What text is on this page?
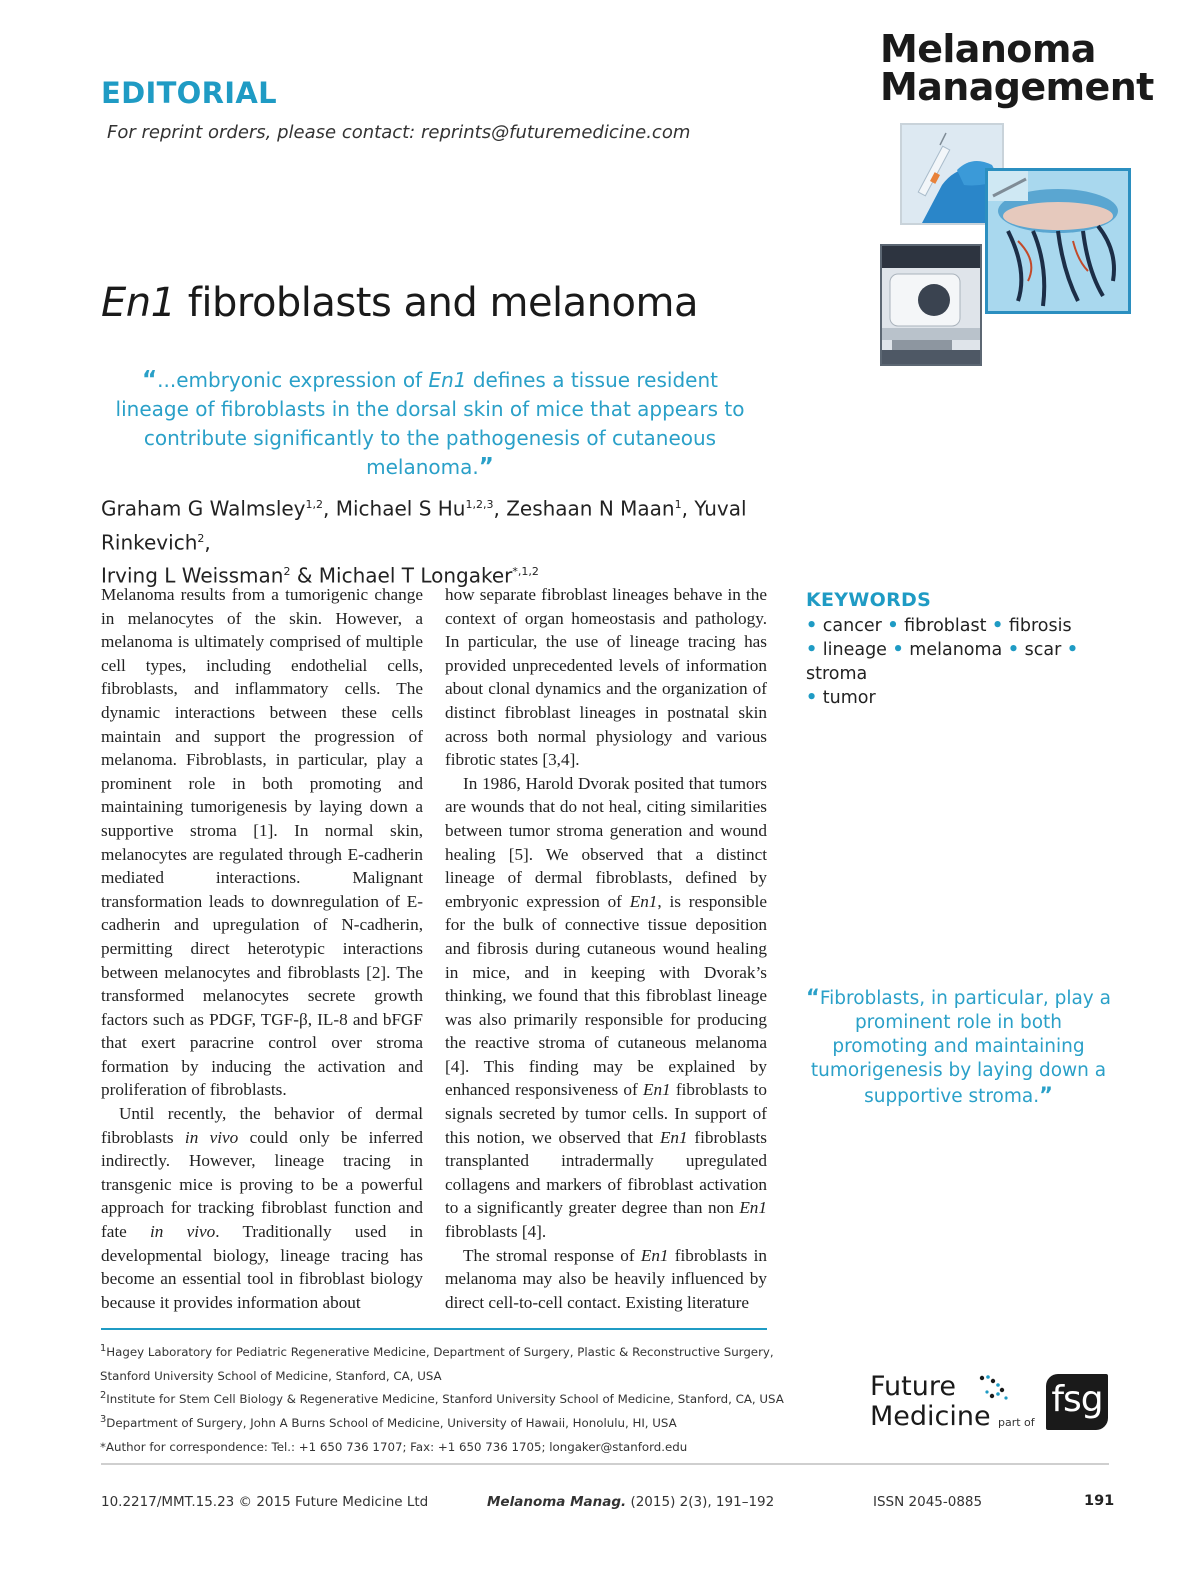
EDITORIAL
For reprint orders, please contact: reprints@futuremedicine.com
Melanoma
Management
En1 fibroblasts and melanoma
“...embryonic expression of En1 defines a tissue resident lineage of fibroblasts in the dorsal skin of mice that appears to contribute significantly to the pathogenesis of cutaneous melanoma.”
Graham G Walmsley$^{1,2}$, Michael S Hu$^{1,2,3}$, Zeshaan N Maan$^1$, Yuval Rinkevich$^2$,
Irving L Weissman$^2$ & Michael T Longaker$^{*,1,2}$

Melanoma results from a tumorigenic change in melanocytes of the skin. However, a melanoma is ultimately comprised of multiple cell types, including endothelial cells, fibroblasts, and inflammatory cells. The dynamic interactions between these cells maintain and support the progression of melanoma. Fibroblasts, in particular, play a prominent role in both promoting and maintaining tumorigenesis by laying down a supportive stroma [1]. In normal skin, melanocytes are regulated through E-cadherin mediated interactions. Malignant transformation leads to downregulation of E-cadherin and upregulation of N-cadherin, permitting direct heterotypic interactions between melanocytes and fibroblasts [2]. The transformed melanocytes secrete growth factors such as PDGF, TGF-β, IL-8 and bFGF that exert paracrine control over stroma formation by inducing the activation and proliferation of fibroblasts.

Until recently, the behavior of dermal fibroblasts in vivo could only be inferred indirectly. However, lineage tracing in transgenic mice is proving to be a powerful approach for tracking fibroblast function and fate in vivo. Traditionally used in developmental biology, lineage tracing has become an essential tool in fibroblast biology because it provides information about

how separate fibroblast lineages behave in the context of organ homeostasis and pathology. In particular, the use of lineage tracing has provided unprecedented levels of information about clonal dynamics and the organization of distinct fibroblast lineages in postnatal skin across both normal physiology and various fibrotic states [3,4].

In 1986, Harold Dvorak posited that tumors are wounds that do not heal, citing similarities between tumor stroma generation and wound healing [5]. We observed that a distinct lineage of dermal fibroblasts, defined by embryonic expression of En1, is responsible for the bulk of connective tissue deposition and fibrosis during cutaneous wound healing in mice, and in keeping with Dvorak’s thinking, we found that this fibroblast lineage was also primarily responsible for producing the reactive stroma of cutaneous melanoma [4]. This finding may be explained by enhanced responsiveness of En1 fibroblasts to signals secreted by tumor cells. In support of this notion, we observed that En1 fibroblasts transplanted intradermally upregulated collagens and markers of fibroblast activation to a significantly greater degree than non En1 fibroblasts [4].

The stromal response of En1 fibroblasts in melanoma may also be heavily influenced by direct cell-to-cell contact. Existing literature

KEYWORDS
• cancer • fibroblast • fibrosis
• lineage • melanoma • scar • stroma
• tumor
“Fibroblasts, in particular, play a prominent role in both promoting and maintaining tumorigenesis by laying down a supportive stroma.”
$^1$Hagey Laboratory for Pediatric Regenerative Medicine, Department of Surgery, Plastic & Reconstructive Surgery,
Stanford University School of Medicine, Stanford, CA, USA
$^2$Institute for Stem Cell Biology & Regenerative Medicine, Stanford University School of Medicine, Stanford, CA, USA
$^3$Department of Surgery, John A Burns School of Medicine, University of Hawaii, Honolulu, HI, USA
*Author for correspondence: Tel.: +1 650 736 1707; Fax: +1 650 736 1705; longaker@stanford.edu
Future
Medicine part of
fsg
10.2217/MMT.15.23 © 2015 Future Medicine Ltd	Melanoma Manag. (2015) 2(3), 191–192	ISSN 2045-0885	191
